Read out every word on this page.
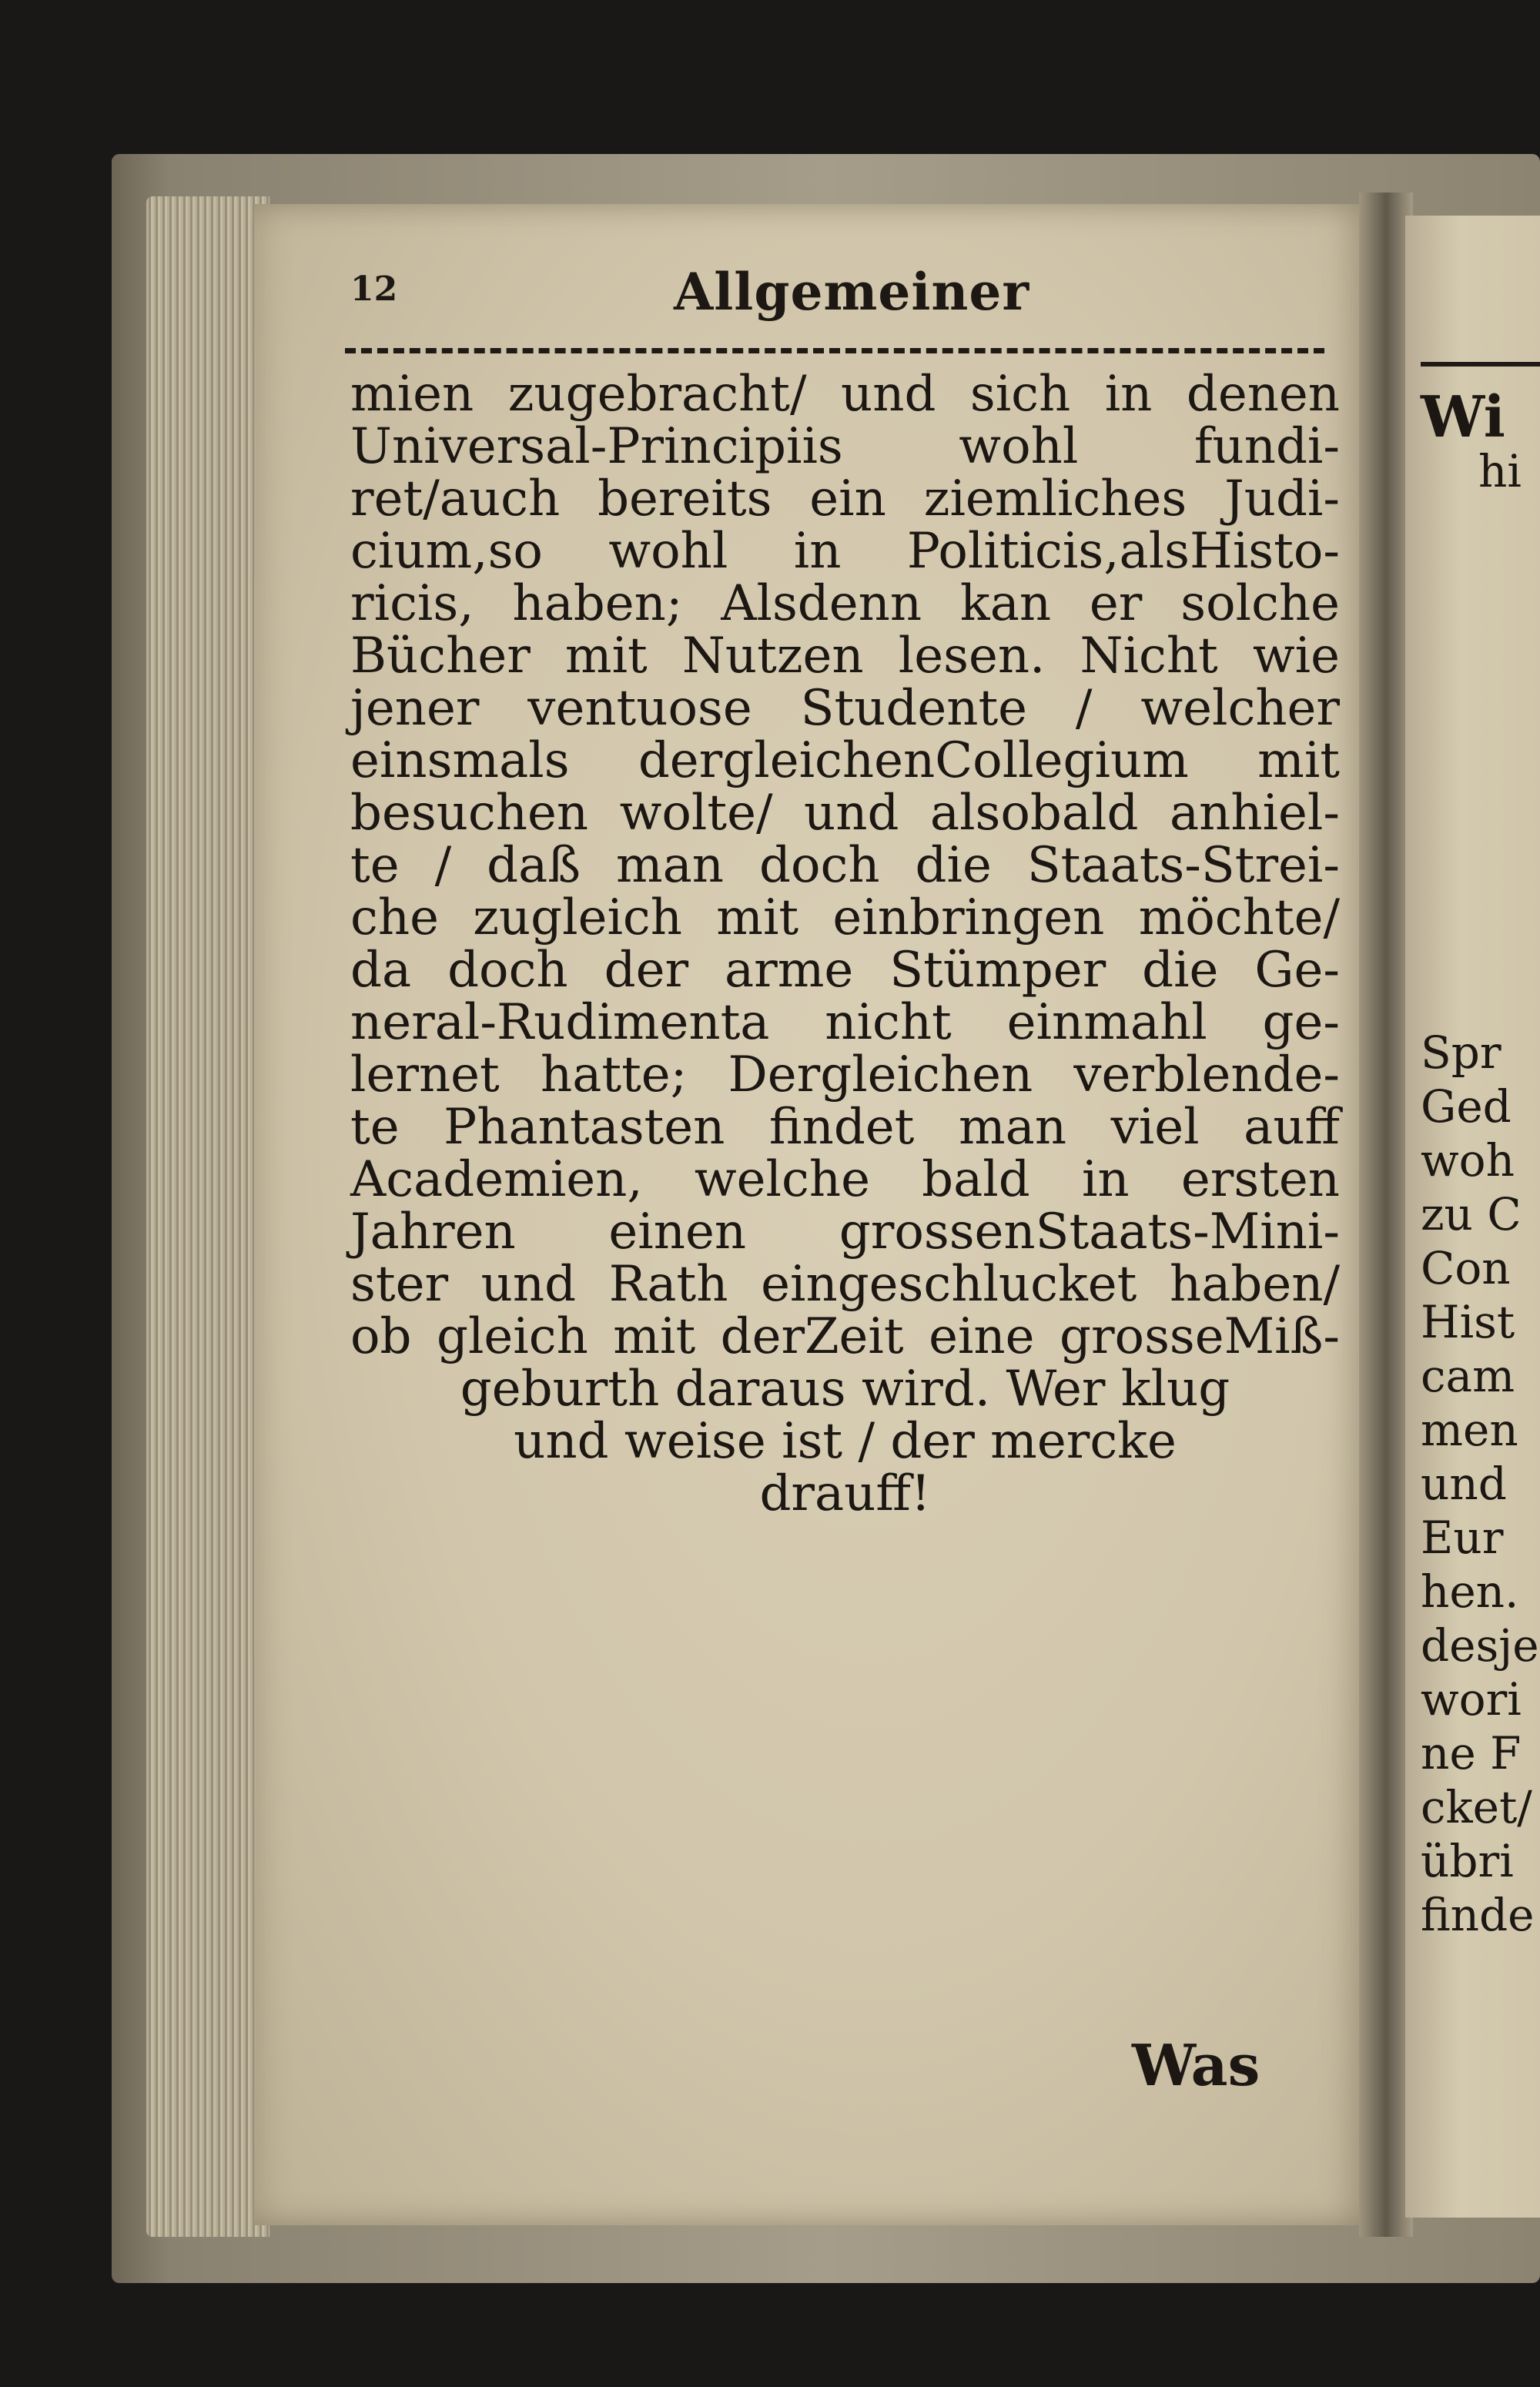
Wi
hi
Spr
Ged
woh
zu C
Con
Hist
cam
men
und
Eur
hen.
desje
wori
ne F
cket/
übri
finde
12	Allgemeiner
mien zugebracht/ und sich in denen
Universal-Principiis wohl fundi-
ret/auch bereits ein ziemliches Judi-
cium,so wohl in Politicis,alsHisto-
ricis, haben; Alsdenn kan er solche
Bücher mit Nutzen lesen. Nicht wie
jener ventuose Studente / welcher
einsmals dergleichenCollegium mit
besuchen wolte/ und alsobald anhiel-
te / daß man doch die Staats-Strei-
che zugleich mit einbringen möchte/
da doch der arme Stümper die Ge-
neral-Rudimenta nicht einmahl ge-
lernet hatte; Dergleichen verblende-
te Phantasten findet man viel auff
Academien, welche bald in ersten
Jahren einen grossenStaats-Mini-
ster und Rath eingeschlucket haben/
ob gleich mit derZeit eine grosseMiß-
geburth daraus wird. Wer klug
und weise ist / der mercke
drauff!
Was
